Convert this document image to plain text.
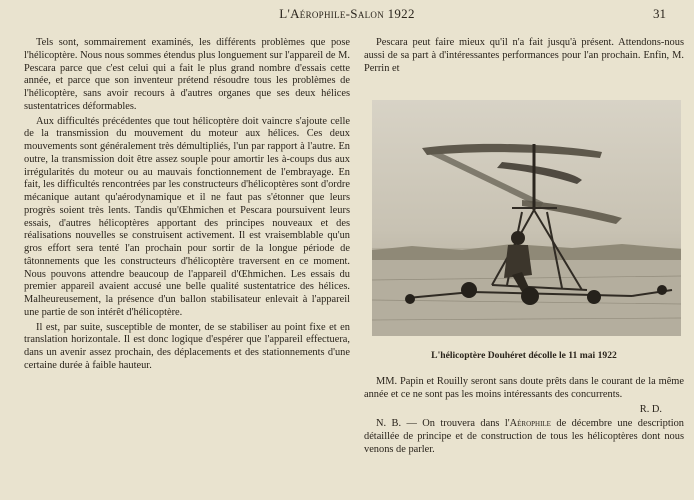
L'Aérophile-Salon 1922	31

Tels sont, sommairement examinés, les différents problèmes que pose l'hélicoptère. Nous nous sommes étendus plus longuement sur l'appareil de M. Pescara parce que c'est celui qui a fait le plus grand nombre d'essais cette année, et parce que son inventeur prétend résoudre tous les problèmes de l'hélicoptère, sans avoir recours à d'autres organes que ses deux hélices sustentatrices déformables.

Aux difficultés précédentes que tout hélicoptère doit vaincre s'ajoute celle de la transmission du mouvement du moteur aux hélices. Ces deux mouvements sont généralement très démultipliés, l'un par rapport à l'autre. En outre, la transmission doit être assez souple pour amortir les à-coups dus aux irrégularités du moteur ou au mauvais fonctionnement de l'embrayage. En fait, les difficultés rencontrées par les constructeurs d'hélicoptères sont d'ordre mécanique autant qu'aérodynamique et il ne faut pas s'étonner que leurs progrès soient très lents. Tandis qu'Œhmichen et Pescara poursuivent leurs essais, d'autres hélicoptères apportant des principes nouveaux et des réalisations nouvelles se construisent activement. Il est vraisemblable qu'un gros effort sera tenté l'an prochain pour sortir de la longue période de tâtonnements que les constructeurs d'hélicoptère traversent en ce moment. Nous pouvons attendre beaucoup de l'appareil d'Œhmichen. Les essais du premier appareil avaient accusé une belle qualité sustentatrice des hélices. Malheureusement, la présence d'un ballon stabilisateur enlevait à l'appareil une partie de son intérêt d'hélicoptère.

Il est, par suite, susceptible de monter, de se stabiliser au point fixe et en translation horizontale. Il est donc logique d'espérer que l'appareil effectuera, dans un avenir assez prochain, des déplacements et des stationnements d'une certaine durée à faible hauteur.

Pescara peut faire mieux qu'il n'a fait jusqu'à présent. Attendons-nous aussi de sa part à d'intéressantes performances pour l'an prochain. Enfin, M. Perrin et

L'hélicoptère Douhéret décolle le 11 mai 1922

MM. Papin et Rouilly seront sans doute prêts dans le courant de la même année et ce ne sont pas les moins intéressants des concurrents.

R. D.

N. B. — On trouvera dans l'Aérophile de décembre une description détaillée de principe et de construction de tous les hélicoptères dont nous venons de parler.
